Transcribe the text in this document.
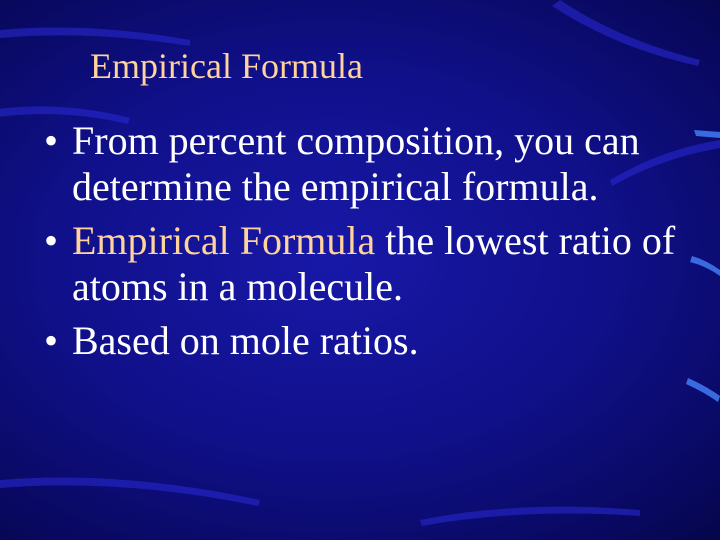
Empirical Formula
• From percent composition, you can determine the empirical formula.
• Empirical Formula the lowest ratio of atoms in a molecule.
• Based on mole ratios.
